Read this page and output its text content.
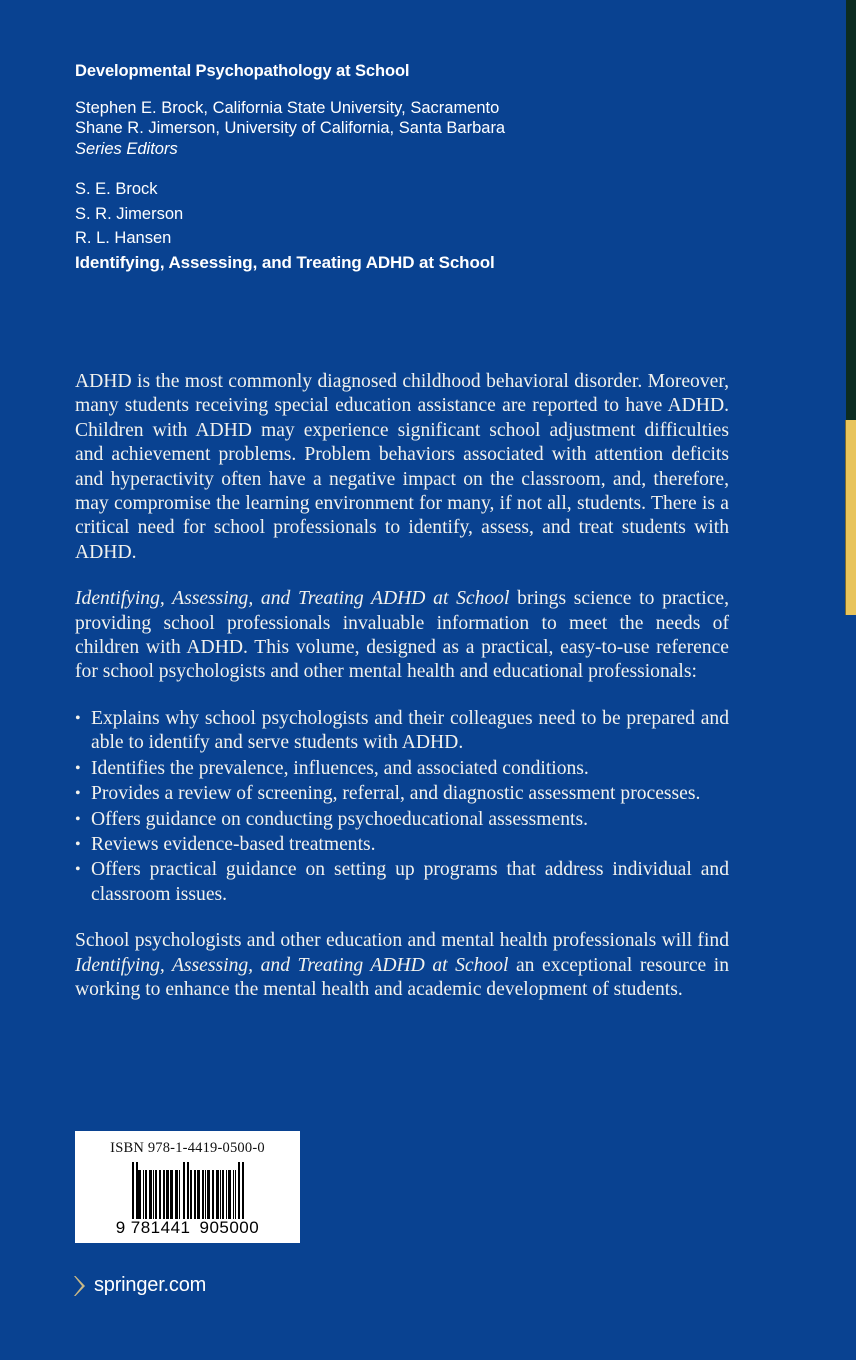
Developmental Psychopathology at School
Stephen E. Brock, California State University, Sacramento
Shane R. Jimerson, University of California, Santa Barbara
Series Editors
S. E. Brock
S. R. Jimerson
R. L. Hansen
Identifying, Assessing, and Treating ADHD at School

ADHD is the most commonly diagnosed childhood behavioral disorder. Moreover, many students receiving special education assistance are reported to have ADHD. Children with ADHD may experience significant school adjustment difficulties and achievement problems. Problem behaviors associated with attention deficits and hyperactivity often have a negative impact on the classroom, and, therefore, may compromise the learning environment for many, if not all, students. There is a critical need for school professionals to identify, assess, and treat students with ADHD.

Identifying, Assessing, and Treating ADHD at School brings science to practice, providing school professionals invaluable information to meet the needs of children with ADHD. This volume, designed as a practical, easy-to-use reference for school psychologists and other mental health and educational professionals:

• Explains why school psychologists and their colleagues need to be prepared and able to identify and serve students with ADHD.
• Identifies the prevalence, influences, and associated conditions.
• Provides a review of screening, referral, and diagnostic assessment processes.
• Offers guidance on conducting psychoeducational assessments.
• Reviews evidence-based treatments.
• Offers practical guidance on setting up programs that address individual and classroom issues.

School psychologists and other education and mental health professionals will find Identifying, Assessing, and Treating ADHD at School an exceptional resource in working to enhance the mental health and academic development of students.

ISBN 978-1-4419-0500-0
9 781441 905000
springer.com
